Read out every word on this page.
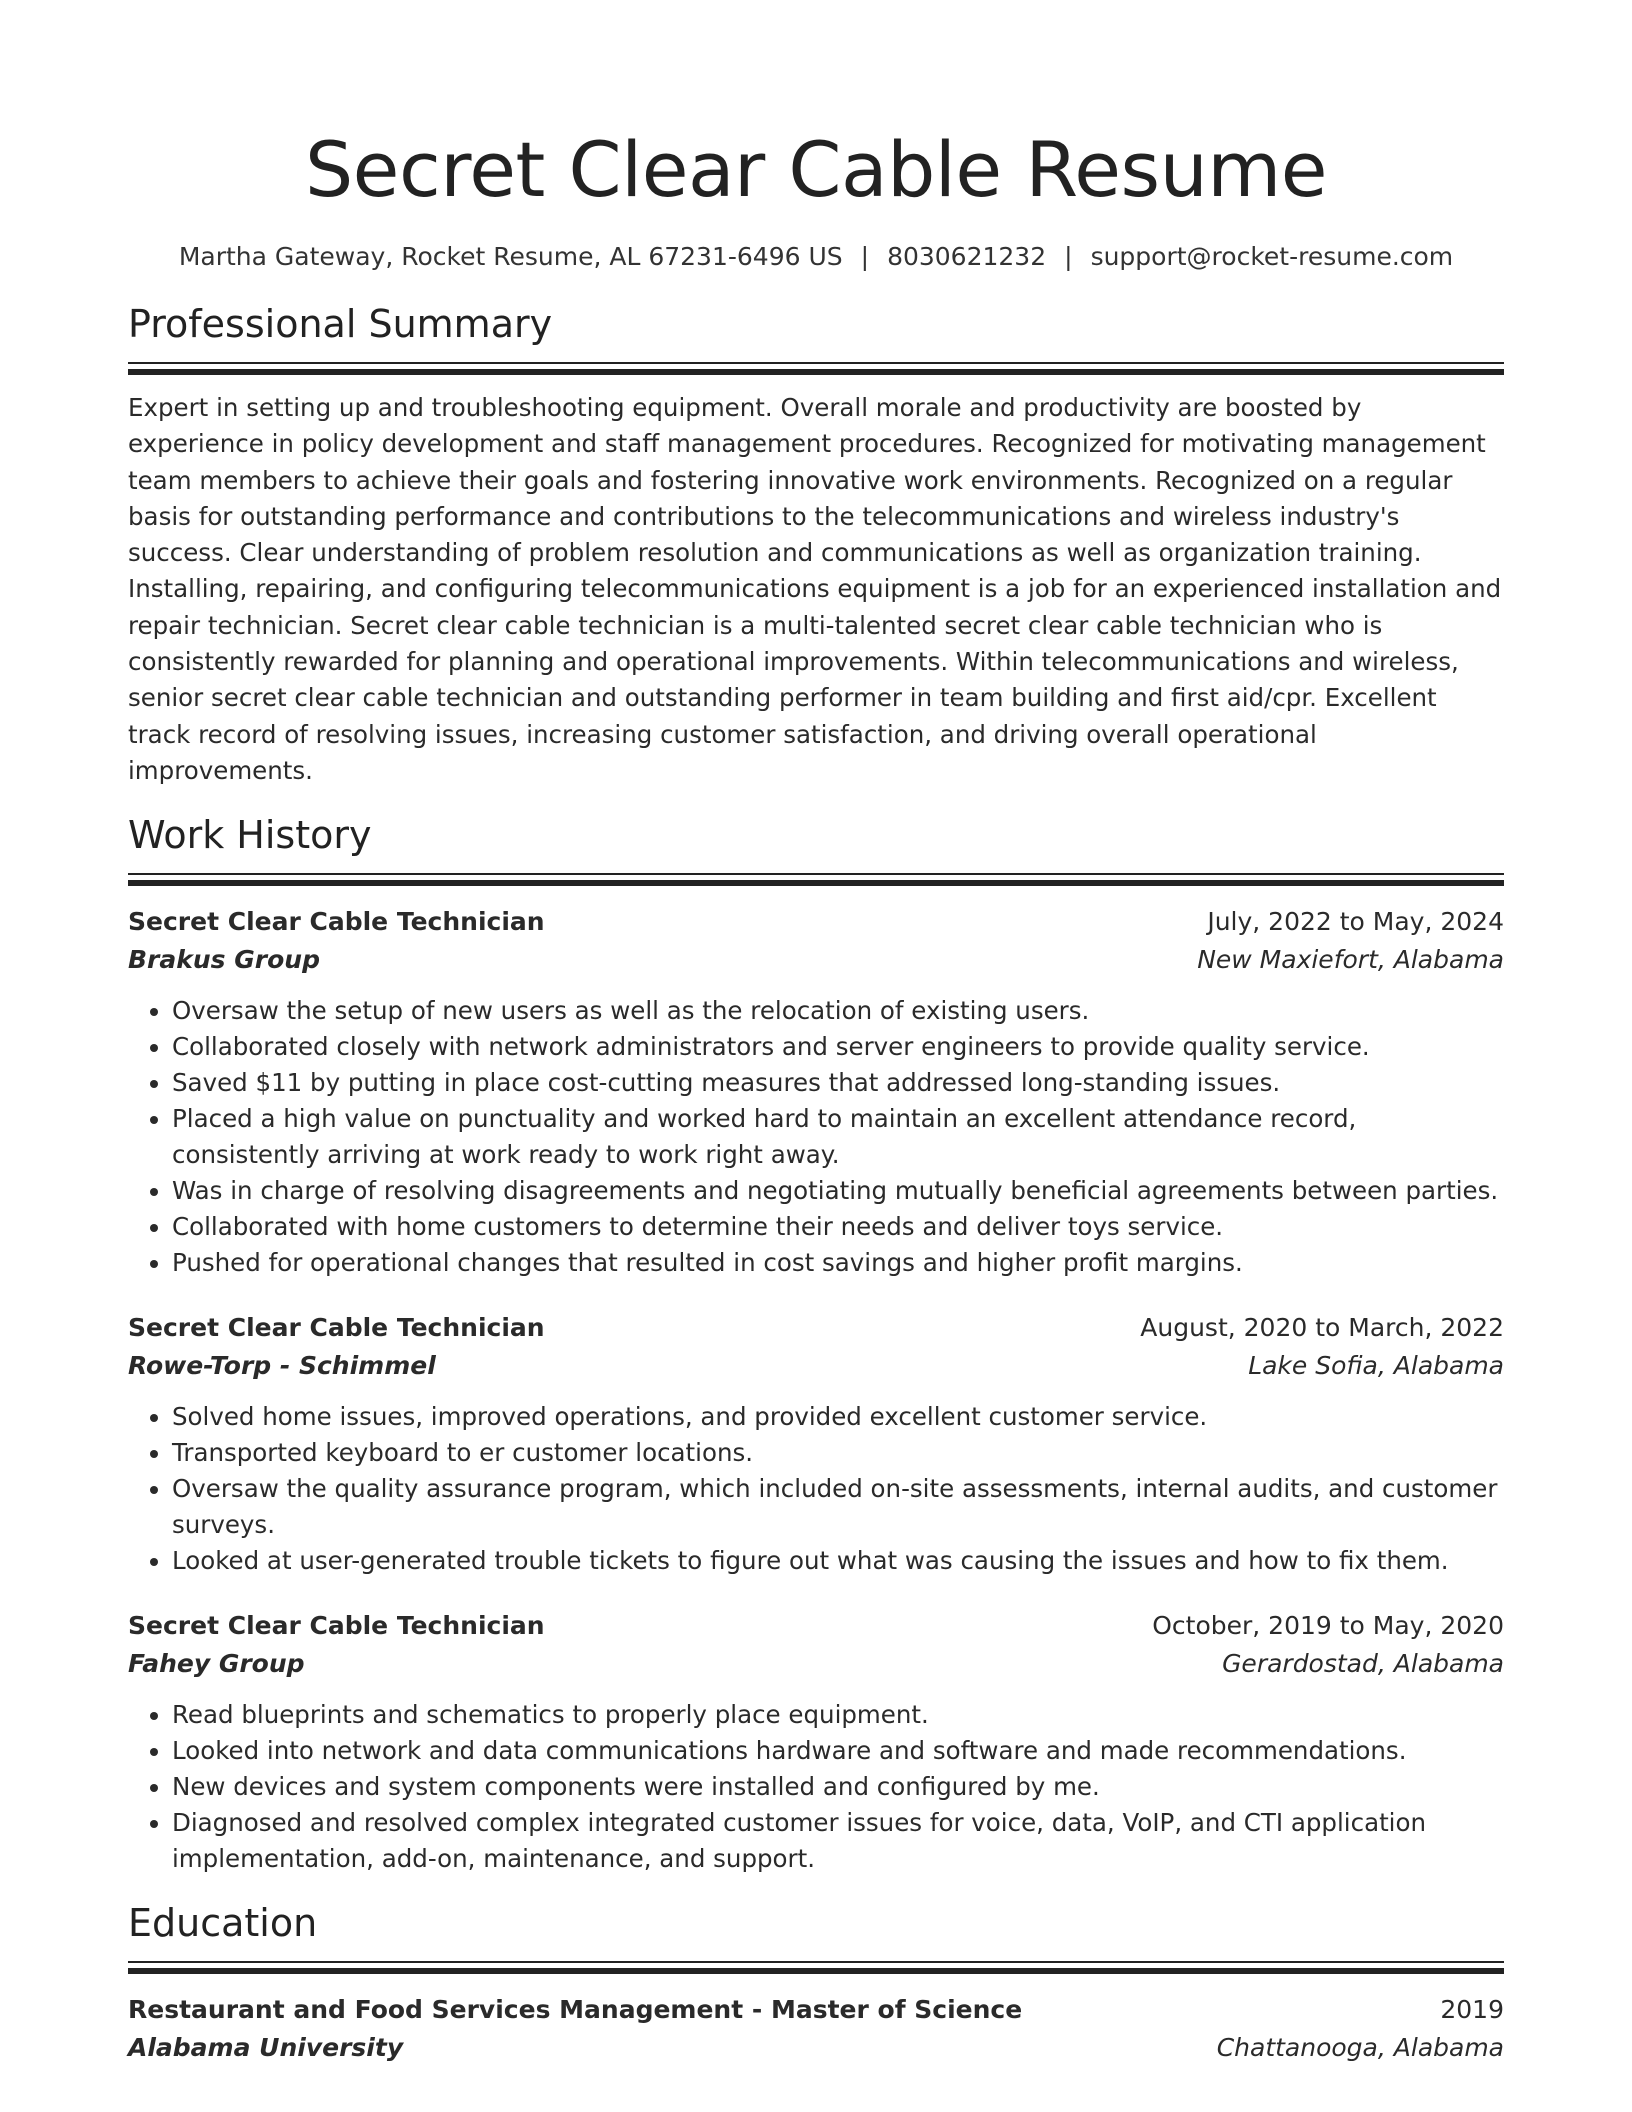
Secret Clear Cable Resume
Martha Gateway, Rocket Resume, AL 67231-6496 US | 8030621232 | support@rocket-resume.com
Professional Summary

Expert in setting up and troubleshooting equipment. Overall morale and productivity are boosted by experience in policy development and staff management procedures. Recognized for motivating management team members to achieve their goals and fostering innovative work environments. Recognized on a regular basis for outstanding performance and contributions to the telecommunications and wireless industry's success. Clear understanding of problem resolution and communications as well as organization training. Installing, repairing, and configuring telecommunications equipment is a job for an experienced installation and repair technician. Secret clear cable technician is a multi-talented secret clear cable technician who is consistently rewarded for planning and operational improvements. Within telecommunications and wireless, senior secret clear cable technician and outstanding performer in team building and first aid/cpr. Excellent track record of resolving issues, increasing customer satisfaction, and driving overall operational improvements.

Work History
Secret Clear Cable Technician	July, 2022 to May, 2024
Brakus Group	New Maxiefort, Alabama
• Oversaw the setup of new users as well as the relocation of existing users.
• Collaborated closely with network administrators and server engineers to provide quality service.
• Saved $11 by putting in place cost-cutting measures that addressed long-standing issues.
• Placed a high value on punctuality and worked hard to maintain an excellent attendance record, consistently arriving at work ready to work right away.
• Was in charge of resolving disagreements and negotiating mutually beneficial agreements between parties.
• Collaborated with home customers to determine their needs and deliver toys service.
• Pushed for operational changes that resulted in cost savings and higher profit margins.
Secret Clear Cable Technician	August, 2020 to March, 2022
Rowe-Torp - Schimmel	Lake Sofia, Alabama
• Solved home issues, improved operations, and provided excellent customer service.
• Transported keyboard to er customer locations.
• Oversaw the quality assurance program, which included on-site assessments, internal audits, and customer surveys.
• Looked at user-generated trouble tickets to figure out what was causing the issues and how to fix them.
Secret Clear Cable Technician	October, 2019 to May, 2020
Fahey Group	Gerardostad, Alabama
• Read blueprints and schematics to properly place equipment.
• Looked into network and data communications hardware and software and made recommendations.
• New devices and system components were installed and configured by me.
• Diagnosed and resolved complex integrated customer issues for voice, data, VoIP, and CTI application implementation, add-on, maintenance, and support.
Education
Restaurant and Food Services Management - Master of Science	2019
Alabama University	Chattanooga, Alabama
